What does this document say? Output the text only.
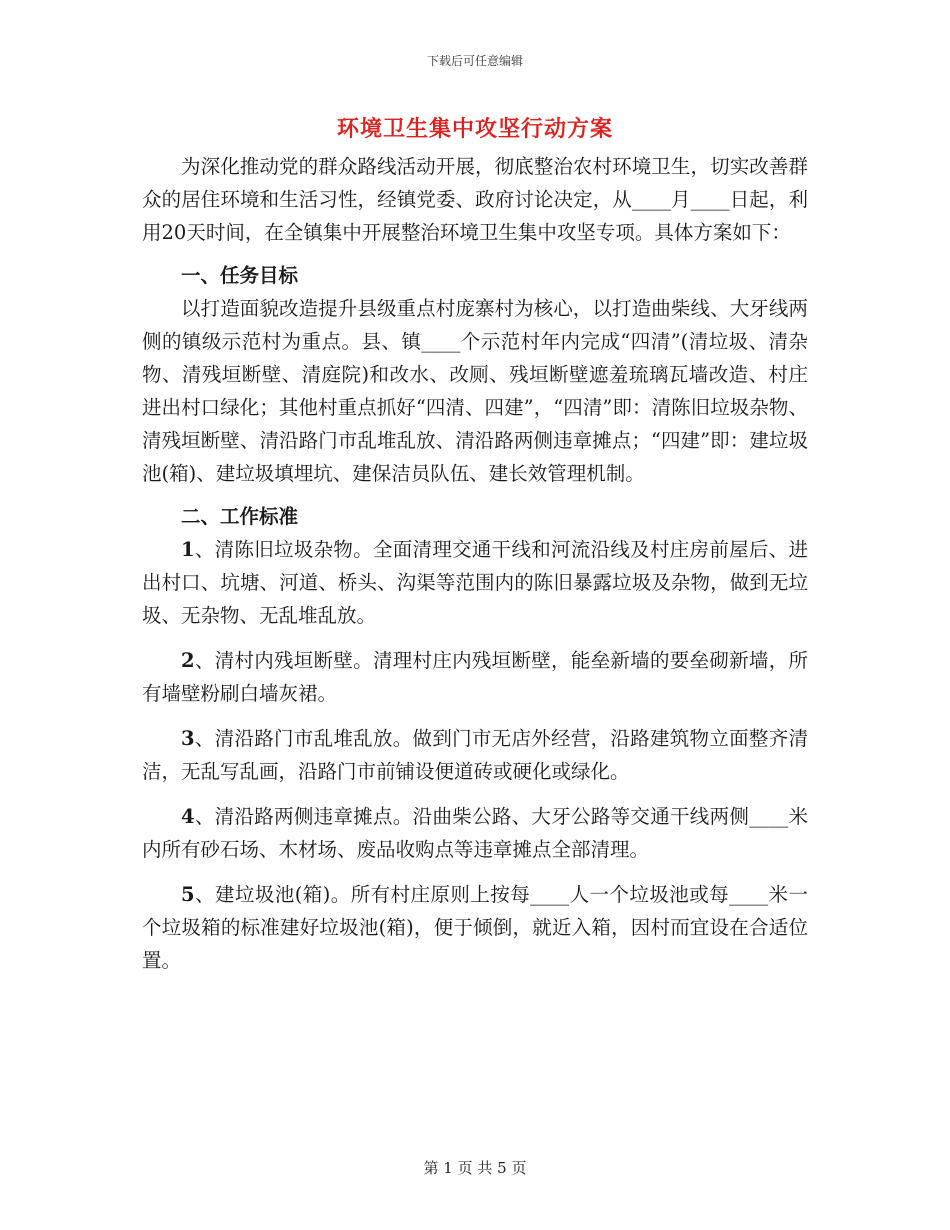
下载后可任意编辑
环境卫生集中攻坚行动方案

为深化推动党的群众路线活动开展，彻底整治农村环境卫生，切实改善群众的居住环境和生活习性，经镇党委、政府讨论决定，从____月____日起，利用20天时间，在全镇集中开展整治环境卫生集中攻坚专项。具体方案如下：

一、任务目标

以打造面貌改造提升县级重点村庞寨村为核心，以打造曲柴线、大牙线两侧的镇级示范村为重点。县、镇____个示范村年内完成“四清”(清垃圾、清杂物、清残垣断壁、清庭院)和改水、改厕、残垣断壁遮羞琉璃瓦墙改造、村庄进出村口绿化；其他村重点抓好“四清、四建”，“四清”即：清陈旧垃圾杂物、清残垣断壁、清沿路门市乱堆乱放、清沿路两侧违章摊点；“四建”即：建垃圾池(箱)、建垃圾填埋坑、建保洁员队伍、建长效管理机制。

二、工作标准

1、清陈旧垃圾杂物。全面清理交通干线和河流沿线及村庄房前屋后、进出村口、坑塘、河道、桥头、沟渠等范围内的陈旧暴露垃圾及杂物，做到无垃圾、无杂物、无乱堆乱放。

2、清村内残垣断壁。清理村庄内残垣断壁，能垒新墙的要垒砌新墙，所有墙壁粉刷白墙灰裙。

3、清沿路门市乱堆乱放。做到门市无店外经营，沿路建筑物立面整齐清洁，无乱写乱画，沿路门市前铺设便道砖或硬化或绿化。

4、清沿路两侧违章摊点。沿曲柴公路、大牙公路等交通干线两侧____米内所有砂石场、木材场、废品收购点等违章摊点全部清理。

5、建垃圾池(箱)。所有村庄原则上按每____人一个垃圾池或每____米一个垃圾箱的标准建好垃圾池(箱)，便于倾倒，就近入箱，因村而宜设在合适位置。

第 1 页 共 5 页
